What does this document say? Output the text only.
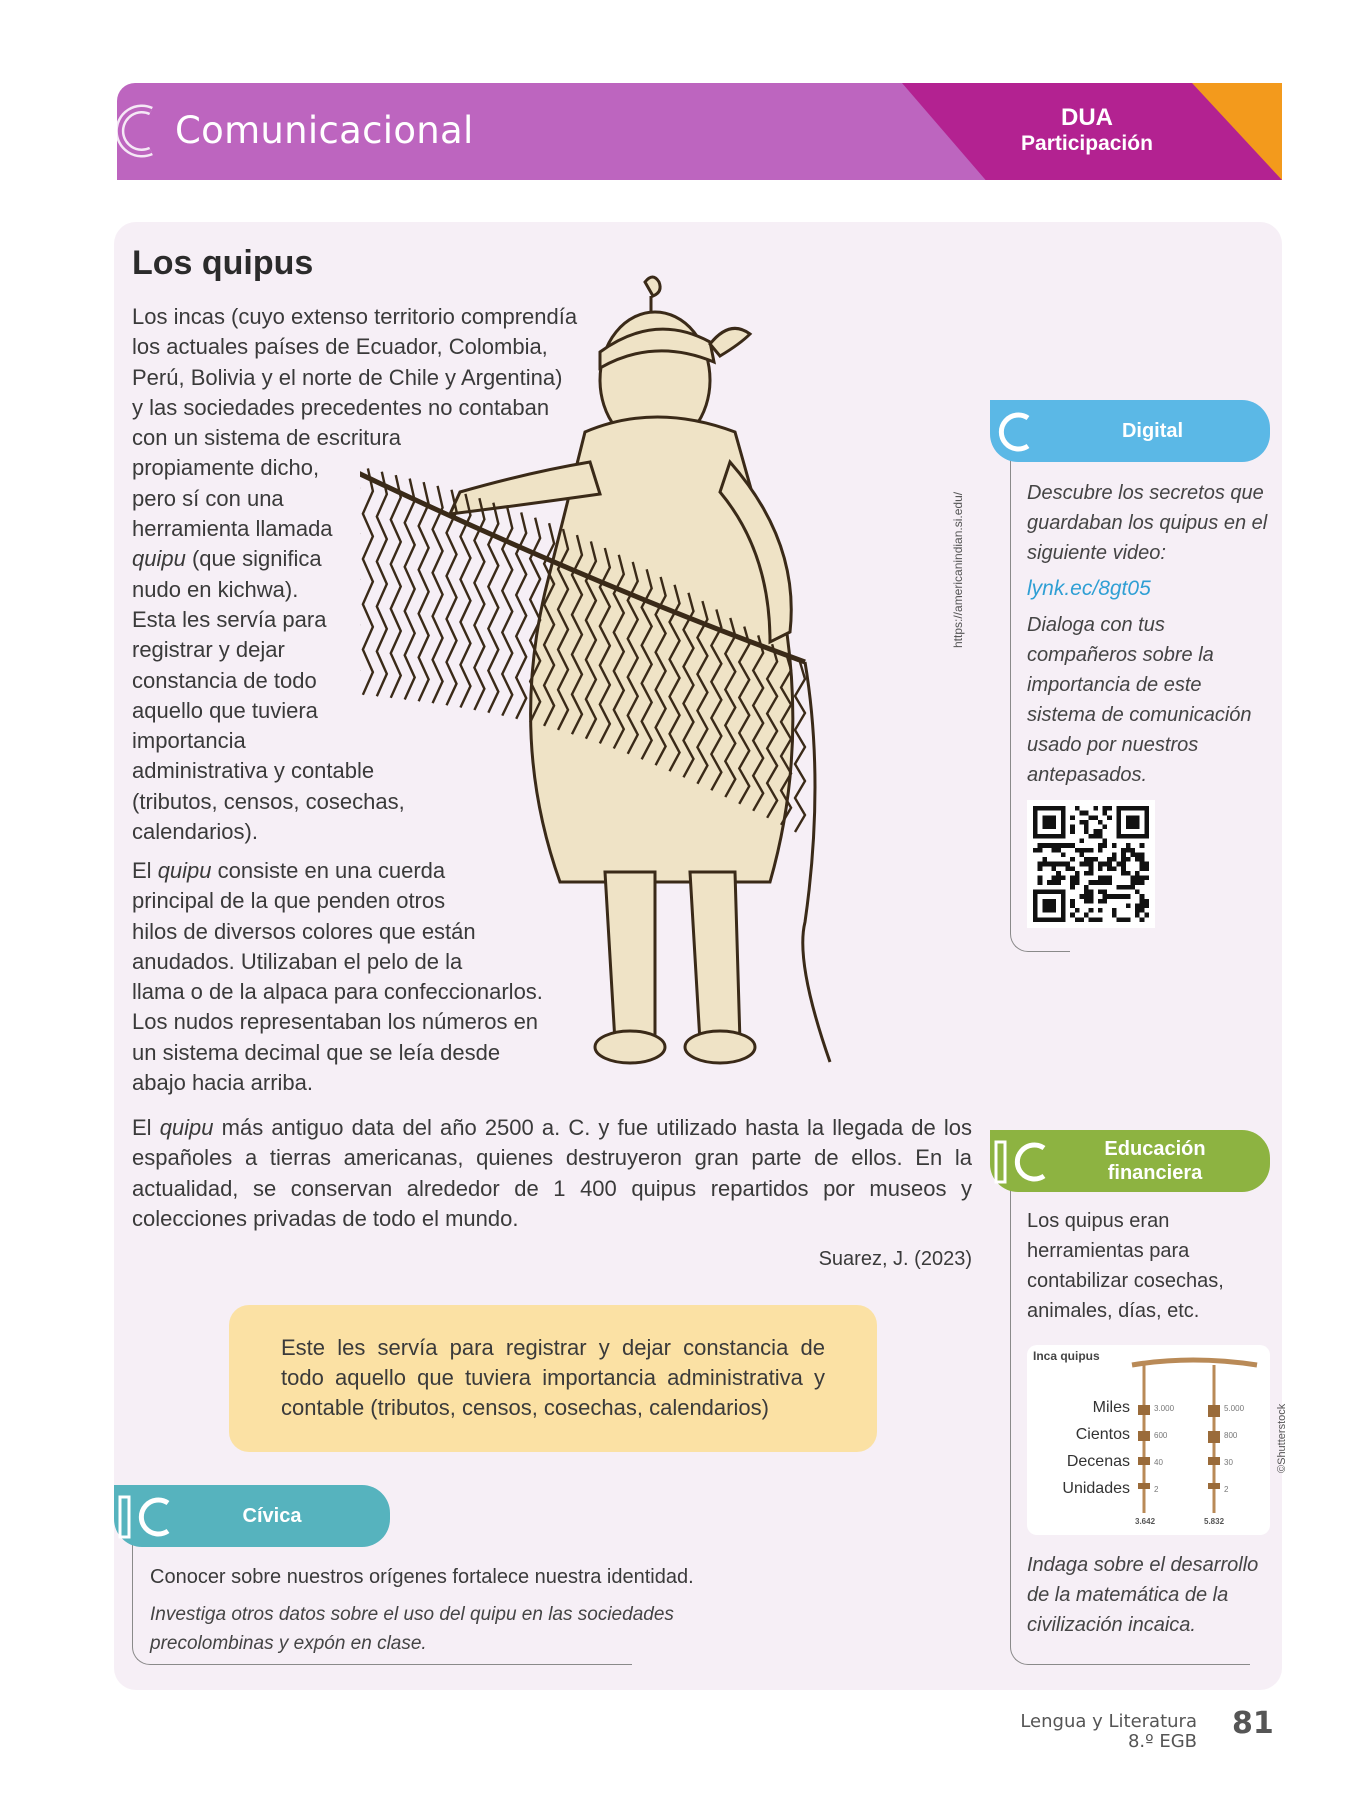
Comunicacional	DUA
Participación
Los quipus
Los incas (cuyo extenso territorio comprendía
los actuales países de Ecuador, Colombia,
Perú, Bolivia y el norte de Chile y Argentina)
y las sociedades precedentes no contaban
con un sistema de escritura
propiamente dicho,
pero sí con una
herramienta llamada
quipu (que significa
nudo en kichwa).
Esta les servía para
registrar y dejar
constancia de todo
aquello que tuviera
importancia
administrativa y contable
(tributos, censos, cosechas,
calendarios).
El quipu consiste en una cuerda
principal de la que penden otros
hilos de diversos colores que están
anudados. Utilizaban el pelo de la
llama o de la alpaca para confeccionarlos.
Los nudos representaban los números en
un sistema decimal que se leía desde
abajo hacia arriba.
https://americanindian.si.edu/
El quipu más antiguo data del año 2500 a. C. y fue utilizado hasta la llegada de los españoles a tierras americanas, quienes destruyeron gran parte de ellos. En la actualidad, se conservan alrededor de 1 400 quipus repartidos por museos y colecciones privadas de todo el mundo.
Suarez, J. (2023)
Este les servía para registrar y dejar constancia de todo aquello que tuviera importancia administrativa y contable (tributos, censos, cosechas, calendarios)
Digital
Descubre los secretos que guardaban los quipus en el siguiente video:
lynk.ec/8gt05
Dialoga con tus compañeros sobre la importancia de este sistema de comunicación usado por nuestros antepasados.
Educación
financiera
Los quipus eran herramientas para contabilizar cosechas, animales, días, etc.
Inca quipus
Miles
Cientos
Decenas
Unidades
3.000
600
40
2
5.000
800
30
2
3.642	5.832
©Shutterstock
Indaga sobre el desarrollo de la matemática de la civilización incaica.
Cívica
Conocer sobre nuestros orígenes fortalece nuestra identidad.
Investiga otros datos sobre el uso del quipu en las sociedades precolombinas y expón en clase.
Lengua y Literatura
8.º EGB
81
